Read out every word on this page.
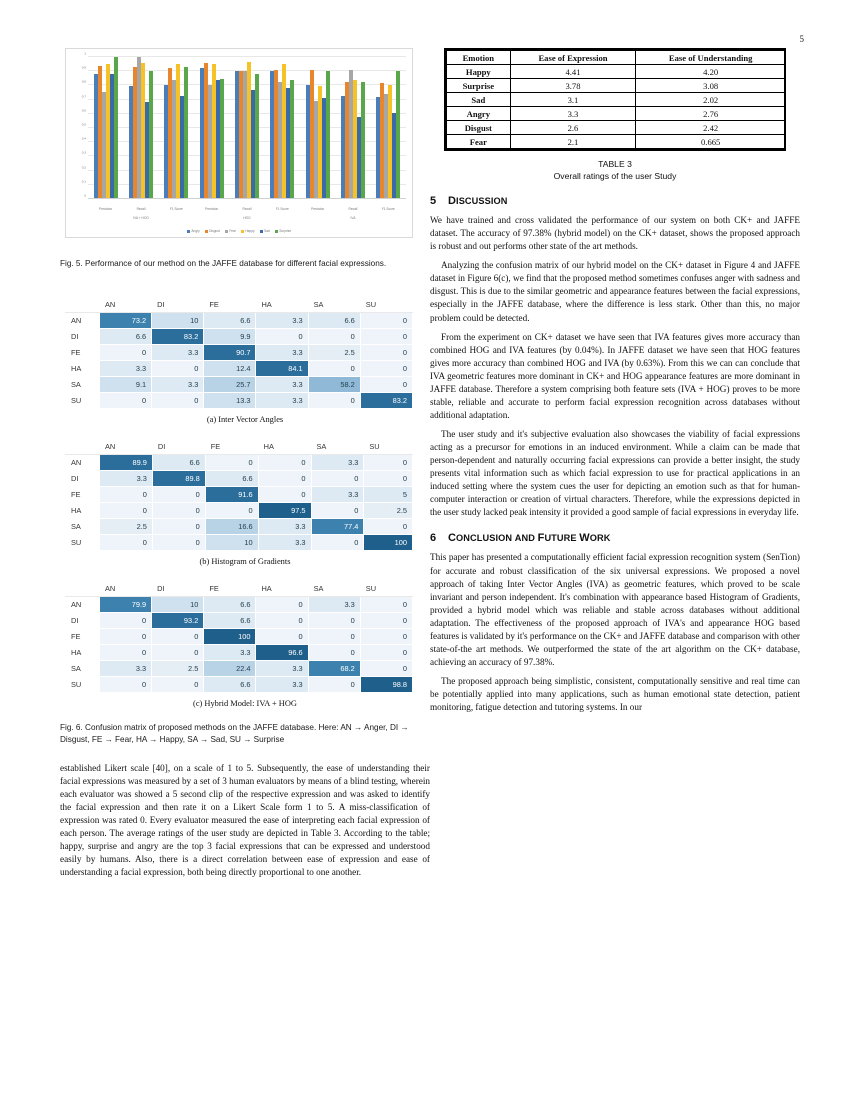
5
0
0.1
0.2
0.3
0.4
0.5
0.6
0.7
0.8
0.9
1
Precision	Recall	F1 Score	Precision	Recall	F1 Score	Precision	Recall	F1 Score
IVA + HOG	HOG	IVA
Angry	Disgust	Fear	Happy	Sad	Surprise
Fig. 5. Performance of our method on the JAFFE database for different facial expressions.
	AN	DI	FE	HA	SA	SU
AN	73.2	10	6.6	3.3	6.6	0
DI	6.6	83.2	9.9	0	0	0
FE	0	3.3	90.7	3.3	2.5	0
HA	3.3	0	12.4	84.1	0	0
SA	9.1	3.3	25.7	3.3	58.2	0
SU	0	0	13.3	3.3	0	83.2
(a) Inter Vector Angles
	AN	DI	FE	HA	SA	SU
AN	89.9	6.6	0	0	3.3	0
DI	3.3	89.8	6.6	0	0	0
FE	0	0	91.6	0	3.3	5
HA	0	0	0	97.5	0	2.5
SA	2.5	0	16.6	3.3	77.4	0
SU	0	0	10	3.3	0	100
(b) Histogram of Gradients
	AN	DI	FE	HA	SA	SU
AN	79.9	10	6.6	0	3.3	0
DI	0	93.2	6.6	0	0	0
FE	0	0	100	0	0	0
HA	0	0	3.3	96.6	0	0
SA	3.3	2.5	22.4	3.3	68.2	0
SU	0	0	6.6	3.3	0	98.8
(c) Hybrid Model: IVA + HOG
Fig. 6. Confusion matrix of proposed methods on the JAFFE database. Here: AN → Anger, DI → Disgust, FE → Fear, HA → Happy, SA → Sad, SU → Surprise

established Likert scale [40], on a scale of 1 to 5. Subsequently, the ease of understanding their facial expressions was measured by a set of 3 human evaluators by means of a blind testing, wherein each evaluator was showed a 5 second clip of the respective expression and was asked to identify the facial expression and then rate it on a Likert Scale form 1 to 5. A miss-classification of expression was rated 0. Every evaluator measured the ease of interpreting each facial expression of each person. The average ratings of the user study are depicted in Table 3. According to the table; happy, surprise and angry are the top 3 facial expressions that can be expressed and understood easily by humans. Also, there is a direct correlation between ease of expression and ease of understanding a facial expression, both being directly proportional to one another.

Emotion	Ease of Expression	Ease of Understanding
Happy	4.41	4.20
Surprise	3.78	3.08
Sad	3.1	2.02
Angry	3.3	2.76
Disgust	2.6	2.42
Fear	2.1	0.665
TABLE 3
Overall ratings of the user Study
5 DISCUSSION

We have trained and cross validated the performance of our system on both CK+ and JAFFE dataset. The accuracy of 97.38% (hybrid model) on the CK+ dataset, shows the proposed approach is robust and out performs other state of the art methods.

Analyzing the confusion matrix of our hybrid model on the CK+ dataset in Figure 4 and JAFFE dataset in Figure 6(c), we find that the proposed method sometimes confuses anger with sadness and disgust. This is due to the similar geometric and appearance features between the facial expressions, especially in the JAFFE database, where the difference is less stark. Other than this, no major problem could be detected.

From the experiment on CK+ dataset we have seen that IVA features gives more accuracy than combined HOG and IVA features (by 0.04%). In JAFFE dataset we have seen that HOG features gives more accuracy than combined HOG and IVA (by 0.63%). From this we can can conclude that IVA geometric features more dominant in CK+ and HOG appearance features are more dominant in JAFFE database. Therefore a system comprising both feature sets (IVA + HOG) proves to be more stable, reliable and accurate to perform facial expression recognition across databases without additional adaptation.

The user study and it's subjective evaluation also showcases the viability of facial expressions acting as a precursor for emotions in an induced environment. While a claim can be made that person-dependent and naturally occurring facial expressions can provide a better insight, the study presents vital information such as which facial expression to use for practical applications in an induced setting where the system cues the user for depicting an emotion such as that for human-computer interaction or creation of virtual characters. Therefore, while the expressions depicted in the user study lacked peak intensity it provided a good sample of facial expressions in everyday life.

6 CONCLUSION AND FUTURE WORK

This paper has presented a computationally efficient facial expression recognition system (SenTion) for accurate and robust classification of the six universal expressions. We proposed a novel approach of taking Inter Vector Angles (IVA) as geometric features, which proved to be scale invariant and person independent. It's combination with appearance based Histogram of Gradients, provided a hybrid model which was reliable and stable across databases without additional adaptation. The effectiveness of the proposed approach of IVA's and appearance HOG based features is validated by it's performance on the CK+ and JAFFE database and comparison with other state-of-the art methods. We outperformed the state of the art algorithm on the CK+ database, achieving an accuracy of 97.38%.

The proposed approach being simplistic, consistent, computationally sensitive and real time can be potentially applied into many applications, such as human emotional state detection, patient monitoring, fatigue detection and tutoring systems. In our
